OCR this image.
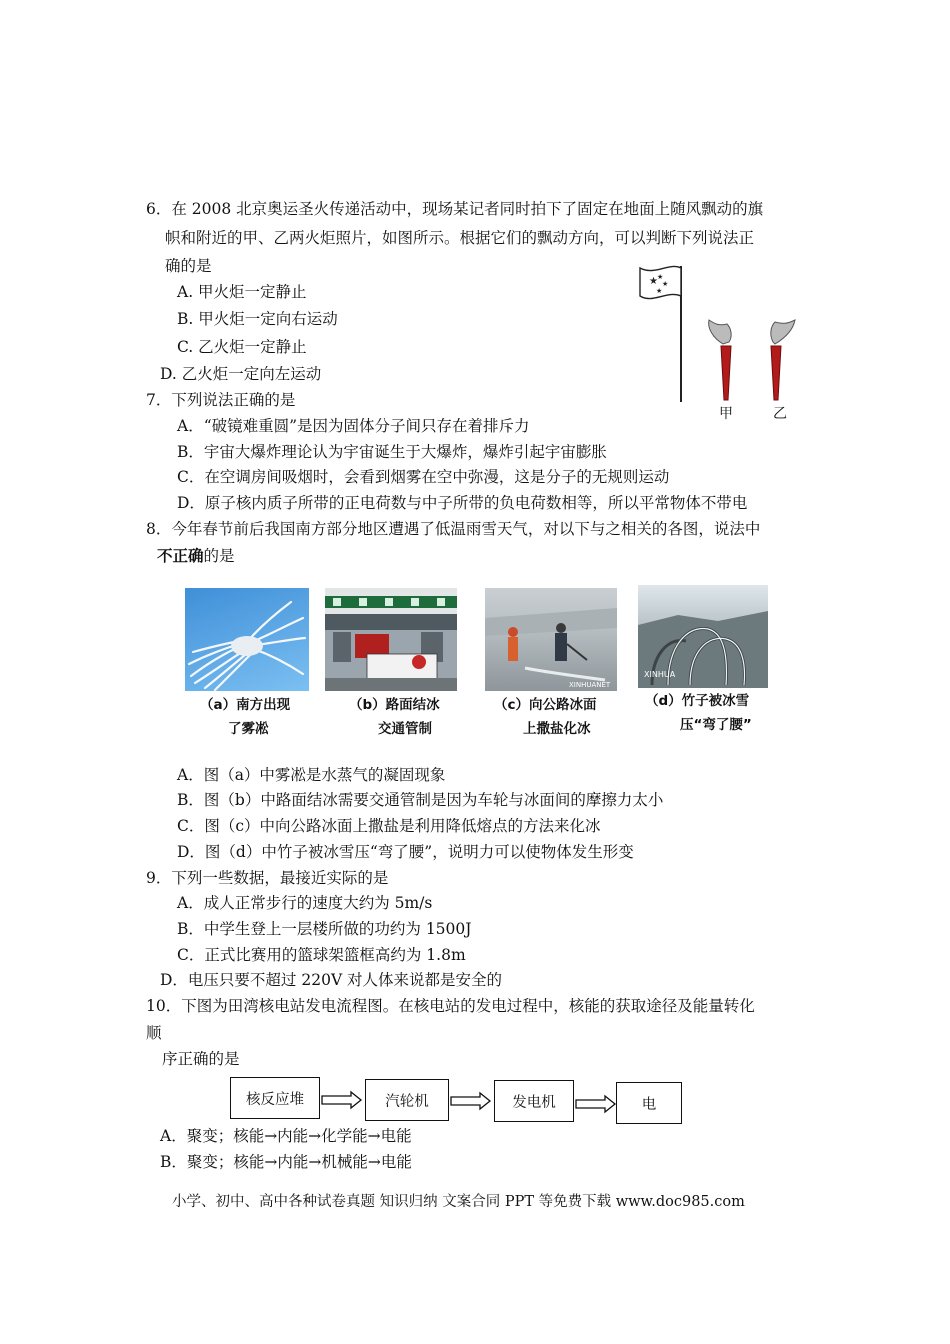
6．在 2008 北京奥运圣火传递活动中，现场某记者同时拍下了固定在地面上随风飘动的旗
帜和附近的甲、乙两火炬照片，如图所示。根据它们的飘动方向，可以判断下列说法正
确的是
A. 甲火炬一定静止
B. 甲火炬一定向右运动
C. 乙火炬一定静止
D. 乙火炬一定向左运动
★ ★
★
★
甲	乙
7．下列说法正确的是
A．“破镜难重圆”是因为固体分子间只存在着排斥力
B．宇宙大爆炸理论认为宇宙诞生于大爆炸，爆炸引起宇宙膨胀
C．在空调房间吸烟时，会看到烟雾在空中弥漫，这是分子的无规则运动
D．原子核内质子所带的正电荷数与中子所带的负电荷数相等，所以平常物体不带电
8．今年春节前后我国南方部分地区遭遇了低温雨雪天气，对以下与之相关的各图，说法中
不正确的是
XINHUANET
XINHUA
（a）南方出现
了雾凇
（b）路面结冰
交通管制
（c）向公路冰面
上撒盐化冰
（d）竹子被冰雪
压“弯了腰”
A．图（a）中雾凇是水蒸气的凝固现象
B．图（b）中路面结冰需要交通管制是因为车轮与冰面间的摩擦力太小
C．图（c）中向公路冰面上撒盐是利用降低熔点的方法来化冰
D．图（d）中竹子被冰雪压“弯了腰”，说明力可以使物体发生形变
9．下列一些数据，最接近实际的是
A．成人正常步行的速度大约为 5m/s
B．中学生登上一层楼所做的功约为 1500J
C．正式比赛用的篮球架篮框高约为 1.8m
D．电压只要不超过 220V 对人体来说都是安全的
10．下图为田湾核电站发电流程图。在核电站的发电过程中，核能的获取途径及能量转化
顺
序正确的是
核反应堆	汽轮机	发电机	电
A．聚变；核能→内能→化学能→电能
B．聚变；核能→内能→机械能→电能
小学、初中、高中各种试卷真题 知识归纳 文案合同 PPT 等免费下载 www.doc985.com
